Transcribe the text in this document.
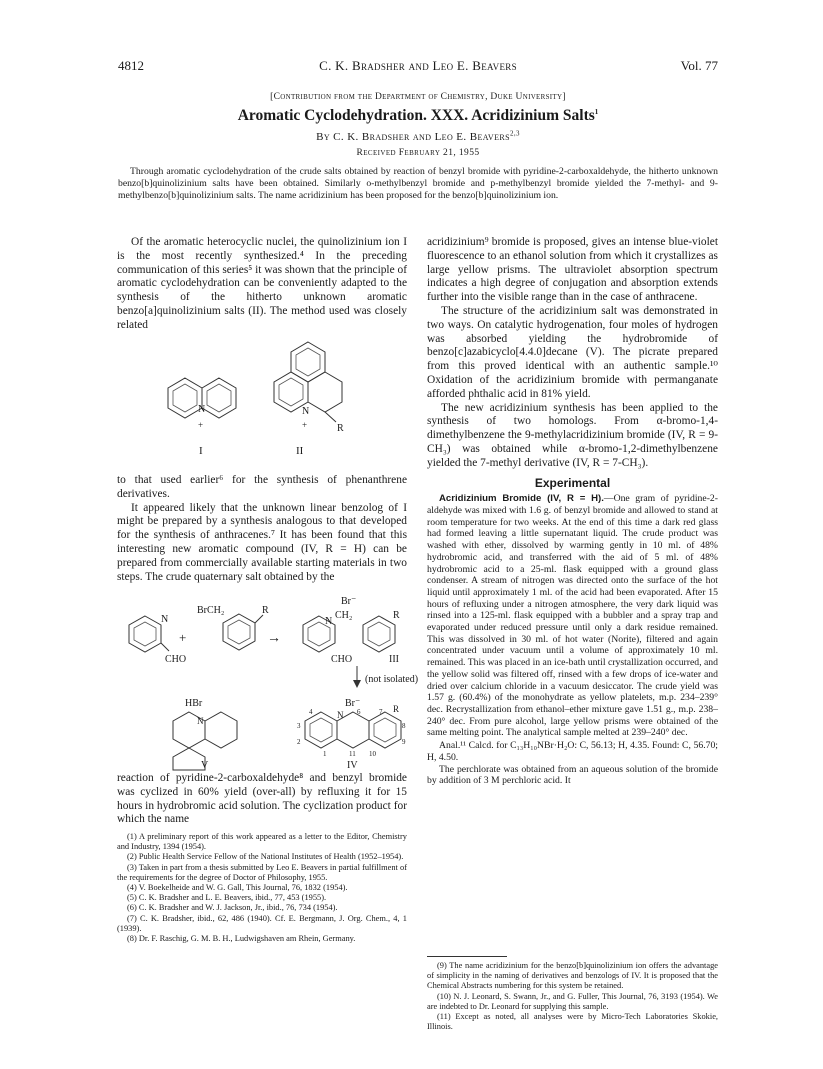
4812	C. K. Bradsher and Leo E. Beavers	Vol. 77
[Contribution from the Department of Chemistry, Duke University]
Aromatic Cyclodehydration. XXX. Acridizinium Salts$^1$
By C. K. Bradsher and Leo E. Beavers$^{2,3}$
Received February 21, 1955
Through aromatic cyclodehydration of the crude salts obtained by reaction of benzyl bromide with pyridine-2-carboxaldehyde, the hitherto unknown benzo[b]quinolizinium salts have been obtained. Similarly o-methylbenzyl bromide and p-methylbenzyl bromide yielded the 7-methyl- and 9-methylbenzo[b]quinolizinium salts. The name acridizinium has been proposed for the benzo[b]quinolizinium ion.

Of the aromatic heterocyclic nuclei, the quinolizinium ion I is the most recently synthesized.⁴ In the preceding communication of this series⁵ it was shown that the principle of aromatic cyclodehydration can be conveniently adapted to the synthesis of the hitherto unknown aromatic benzo[a]quinolizinium salts (II). The method used was closely related

N
+
I
N
+	R
II

to that used earlier⁶ for the synthesis of phenanthrene derivatives.

It appeared likely that the unknown linear benzolog of I might be prepared by a synthesis analogous to that developed for the synthesis of anthracenes.⁷ It has been found that this interesting new aromatic compound (IV, R = H) can be prepared from commercially available starting materials in two steps. The crude quaternary salt obtained by the

N
CHO
+
BrCH₂	R
→
Br⁻
N
CH₂	R
CHO	III
(not isolated)
HBr
N
V
Br⁻
N
R
4	6	7
8
9
10
11
1
2
3
IV

reaction of pyridine-2-carboxaldehyde⁸ and benzyl bromide was cyclized in 60% yield (over-all) by refluxing it for 15 hours in hydrobromic acid solution. The cyclization product for which the name

(1) A preliminary report of this work appeared as a letter to the Editor, Chemistry and Industry, 1394 (1954).
(2) Public Health Service Fellow of the National Institutes of Health (1952–1954).
(3) Taken in part from a thesis submitted by Leo E. Beavers in partial fulfillment of the requirements for the degree of Doctor of Philosophy, 1955.
(4) V. Boekelheide and W. G. Gall, This Journal, 76, 1832 (1954).
(5) C. K. Bradsher and L. E. Beavers, ibid., 77, 453 (1955).
(6) C. K. Bradsher and W. J. Jackson, Jr., ibid., 76, 734 (1954).
(7) C. K. Bradsher, ibid., 62, 486 (1940). Cf. E. Bergmann, J. Org. Chem., 4, 1 (1939).
(8) Dr. F. Raschig, G. M. B. H., Ludwigshaven am Rhein, Germany.

acridizinium⁹ bromide is proposed, gives an intense blue-violet fluorescence to an ethanol solution from which it crystallizes as large yellow prisms. The ultraviolet absorption spectrum indicates a high degree of conjugation and absorption extends further into the visible range than in the case of anthracene.

The structure of the acridizinium salt was demonstrated in two ways. On catalytic hydrogenation, four moles of hydrogen was absorbed yielding the hydrobromide of benzo[c]azabicyclo[4.4.0]decane (V). The picrate prepared from this proved identical with an authentic sample.¹⁰ Oxidation of the acridizinium bromide with permanganate afforded phthalic acid in 81% yield.

The new acridizinium synthesis has been applied to the synthesis of two homologs. From α-bromo-1,4-dimethylbenzene the 9-methylacridizinium bromide (IV, R = 9-CH₃) was obtained while α-bromo-1,2-dimethylbenzene yielded the 7-methyl derivative (IV, R = 7-CH₃).

Experimental
Acridizinium Bromide (IV, R = H).—One gram of pyridine-2-aldehyde was mixed with 1.6 g. of benzyl bromide and allowed to stand at room temperature for two weeks. At the end of this time a dark red glass had formed leaving a little supernatant liquid. The crude product was washed with ether, dissolved by warming gently in 10 ml. of 48% hydrobromic acid, and transferred with the aid of 5 ml. of 48% hydrobromic acid to a 25-ml. flask equipped with a ground glass condenser. A stream of nitrogen was directed onto the surface of the hot liquid until approximately 1 ml. of the acid had been evaporated. After 15 hours of refluxing under a nitrogen atmosphere, the very dark liquid was rinsed into a 125-ml. flask equipped with a bubbler and a spray trap and evaporated under reduced pressure until only a dark residue remained. This was dissolved in 30 ml. of hot water (Norite), filtered and again concentrated under vacuum until a volume of approximately 10 ml. remained. This was placed in an ice-bath until crystallization occurred, and the yellow solid was filtered off, rinsed with a few drops of ice-water and dried over calcium chloride in a vacuum desiccator. The crude yield was 1.57 g. (60.4%) of the monohydrate as yellow platelets, m.p. 234–239° dec. Recrystallization from ethanol–ether mixture gave 1.51 g., m.p. 238–240° dec. From pure alcohol, large yellow prisms were obtained of the same melting point. The analytical sample melted at 239–240° dec.
Anal.¹¹ Calcd. for C₁₃H₁₀NBr·H₂O: C, 56.13; H, 4.35. Found: C, 56.70; H, 4.50.
The perchlorate was obtained from an aqueous solution of the bromide by addition of 3 M perchloric acid. It
(9) The name acridizinium for the benzo[b]quinolizinium ion offers the advantage of simplicity in the naming of derivatives and benzologs of IV. It is proposed that the Chemical Abstracts numbering for this system be retained.
(10) N. J. Leonard, S. Swann, Jr., and G. Fuller, This Journal, 76, 3193 (1954). We are indebted to Dr. Leonard for supplying this sample.
(11) Except as noted, all analyses were by Micro-Tech Laboratories Skokie, Illinois.
